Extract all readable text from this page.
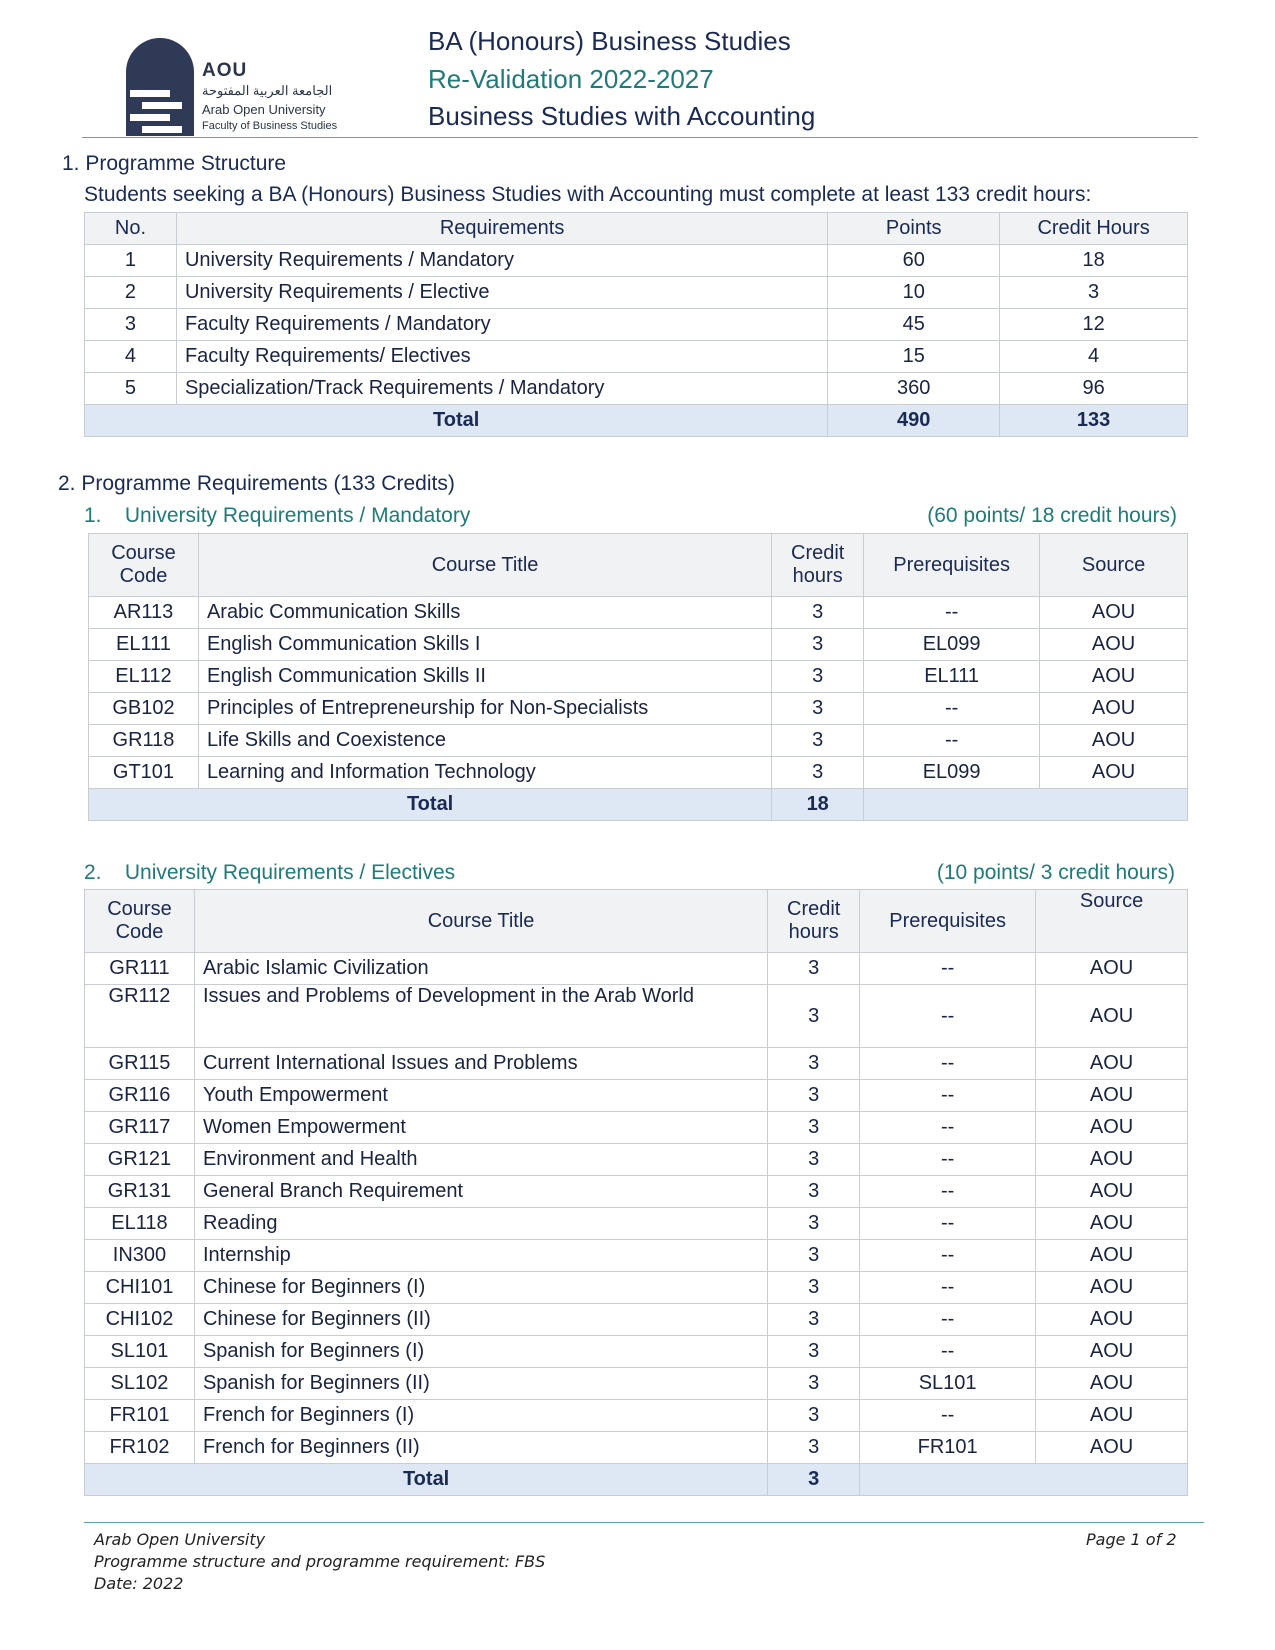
AOU
الجامعة العربية المفتوحة
Arab Open University
Faculty of Business Studies
BA (Honours) Business Studies
Re-Validation 2022-2027
Business Studies with Accounting
1. Programme Structure
Students seeking a BA (Honours) Business Studies with Accounting must complete at least 133 credit hours:
No.	Requirements	Points	Credit Hours
1	University Requirements / Mandatory	60	18
2	University Requirements / Elective	10	3
3	Faculty Requirements / Mandatory	45	12
4	Faculty Requirements/ Electives	15	4
5	Specialization/Track Requirements / Mandatory	360	96
Total		490	133
2. Programme Requirements (133 Credits)
1.    University Requirements / Mandatory	(60 points/ 18 credit hours)
Course Code	Course Title	Credit hours	Prerequisites	Source
AR113	Arabic Communication Skills	3	--	AOU
EL111	English Communication Skills I	3	EL099	AOU
EL112	English Communication Skills II	3	EL111	AOU
GB102	Principles of Entrepreneurship for Non-Specialists	3	--	AOU
GR118	Life Skills and Coexistence	3	--	AOU
GT101	Learning and Information Technology	3	EL099	AOU
Total		18		
2.    University Requirements / Electives	(10 points/ 3 credit hours)
Course Code	Course Title	Credit hours	Prerequisites	Source
GR111	Arabic Islamic Civilization	3	--	AOU
GR112	Issues and Problems of Development in the Arab World	3	--	AOU
GR115	Current International Issues and Problems	3	--	AOU
GR116	Youth Empowerment	3	--	AOU
GR117	Women Empowerment	3	--	AOU
GR121	Environment and Health	3	--	AOU
GR131	General Branch Requirement	3	--	AOU
EL118	Reading	3	--	AOU
IN300	Internship	3	--	AOU
CHI101	Chinese for Beginners (I)	3	--	AOU
CHI102	Chinese for Beginners (II)	3	--	AOU
SL101	Spanish for Beginners (I)	3	--	AOU
SL102	Spanish for Beginners (II)	3	SL101	AOU
FR101	French for Beginners (I)	3	--	AOU
FR102	French for Beginners (II)	3	FR101	AOU
Total		3		
Arab Open University
Programme structure and programme requirement: FBS
Date: 2022
Page 1 of 2
